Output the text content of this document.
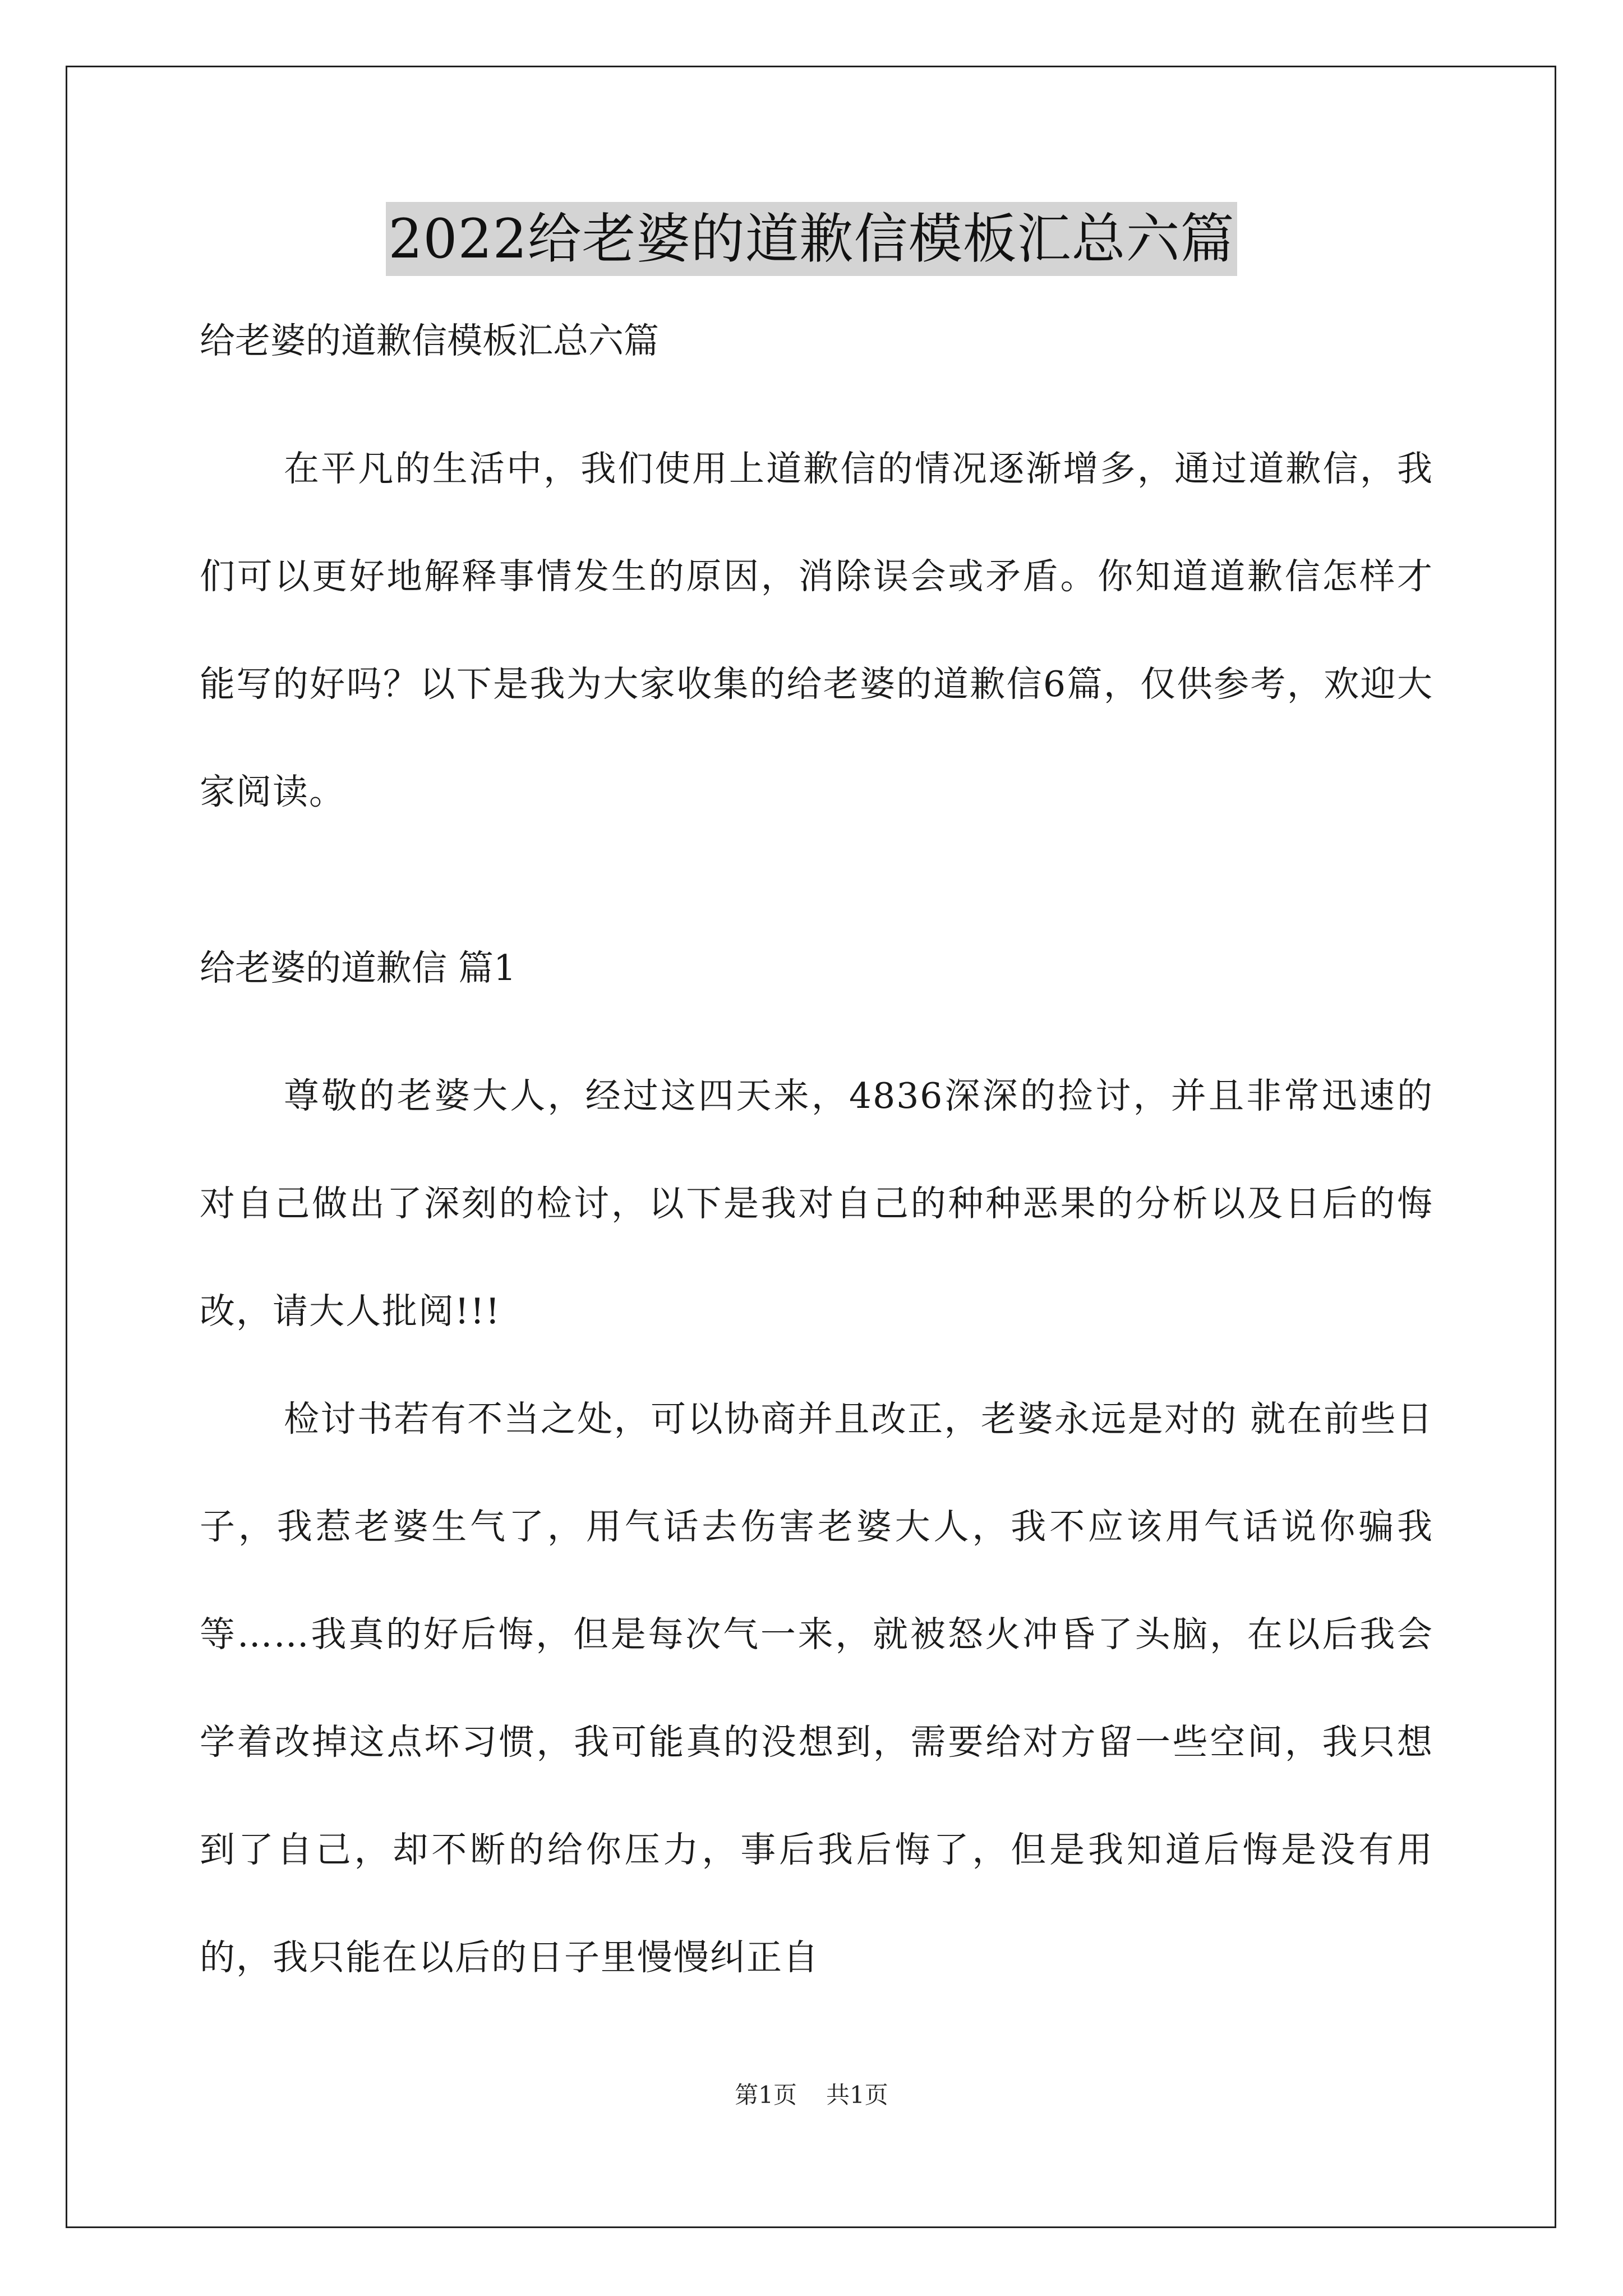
2022给老婆的道歉信模板汇总六篇

给老婆的道歉信模板汇总六篇

在平凡的生活中，我们使用上道歉信的情况逐渐增多，通过道歉信，我们可以更好地解释事情发生的原因，消除误会或矛盾。你知道道歉信怎样才能写的好吗？以下是我为大家收集的给老婆的道歉信6篇，仅供参考，欢迎大家阅读。

给老婆的道歉信 篇1

尊敬的老婆大人，经过这四天来，4836深深的捡讨，并且非常迅速的对自己做出了深刻的检讨，以下是我对自己的种种恶果的分析以及日后的悔改，请大人批阅!!!

检讨书若有不当之处，可以协商并且改正，老婆永远是对的 就在前些日子，我惹老婆生气了，用气话去伤害老婆大人，我不应该用气话说你骗我等……我真的好后悔，但是每次气一来，就被怒火冲昏了头脑，在以后我会学着改掉这点坏习惯，我可能真的没想到，需要给对方留一些空间，我只想到了自己，却不断的给你压力，事后我后悔了，但是我知道后悔是没有用的，我只能在以后的日子里慢慢纠正自

第1页 共1页
